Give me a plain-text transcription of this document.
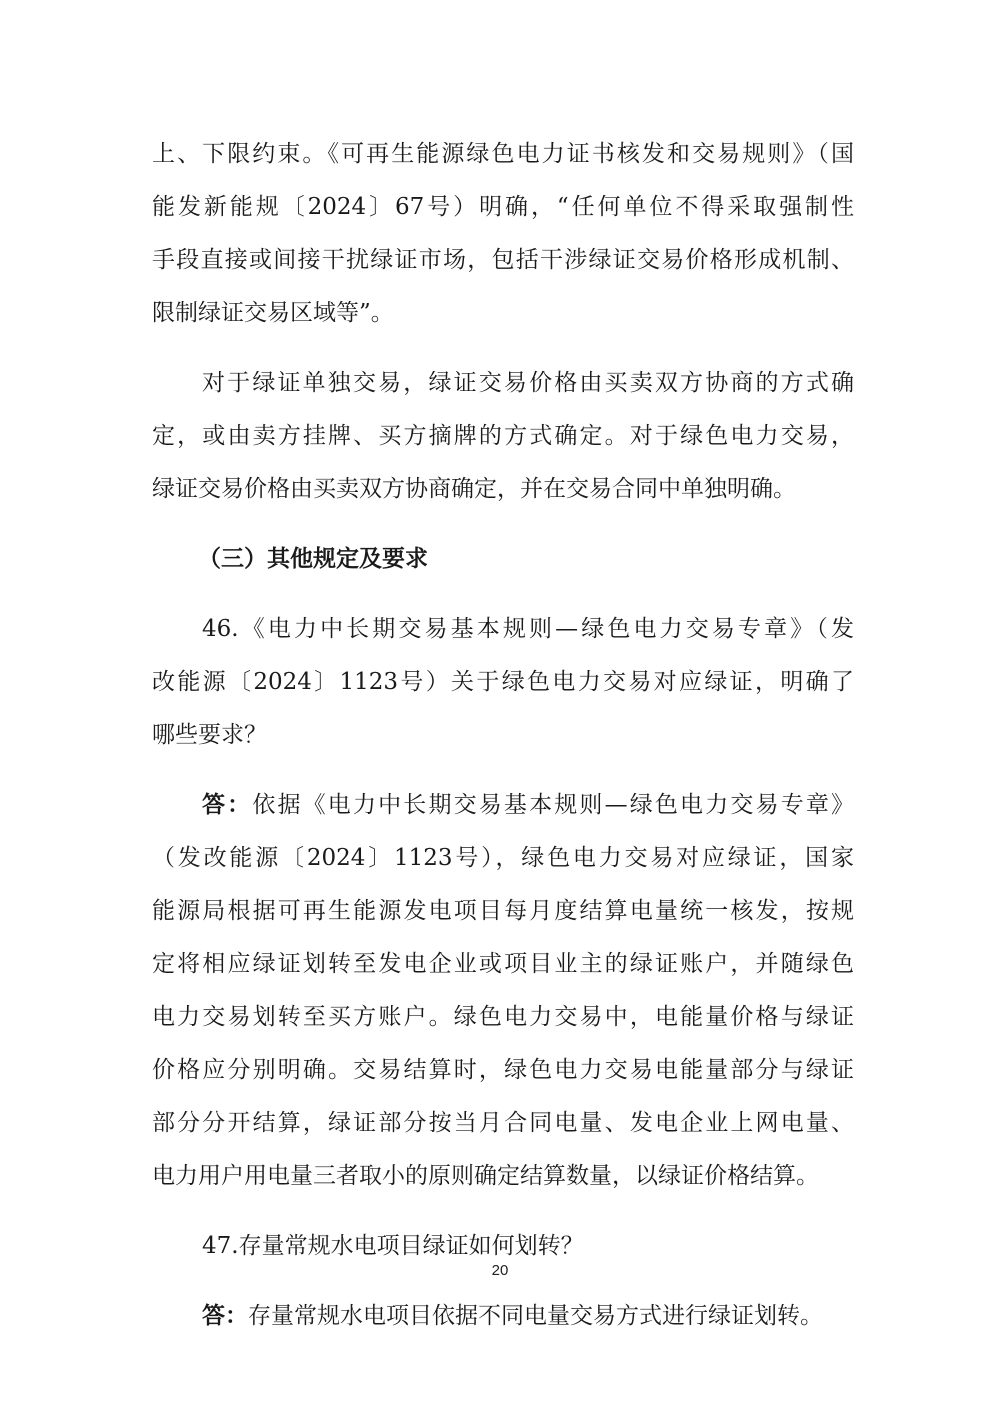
上、下限约束。《可再生能源绿色电力证书核发和交易规则》（国
能发新能规〔2024〕67号）明确，“任何单位不得采取强制性
手段直接或间接干扰绿证市场，包括干涉绿证交易价格形成机制、
限制绿证交易区域等”。
对于绿证单独交易，绿证交易价格由买卖双方协商的方式确
定，或由卖方挂牌、买方摘牌的方式确定。对于绿色电力交易，
绿证交易价格由买卖双方协商确定，并在交易合同中单独明确。
（三）其他规定及要求
46.《电力中长期交易基本规则—绿色电力交易专章》（发
改能源〔2024〕1123号）关于绿色电力交易对应绿证，明确了
哪些要求？
答：依据《电力中长期交易基本规则—绿色电力交易专章》
（发改能源〔2024〕1123号），绿色电力交易对应绿证，国家
能源局根据可再生能源发电项目每月度结算电量统一核发，按规
定将相应绿证划转至发电企业或项目业主的绿证账户，并随绿色
电力交易划转至买方账户。绿色电力交易中，电能量价格与绿证
价格应分别明确。交易结算时，绿色电力交易电能量部分与绿证
部分分开结算，绿证部分按当月合同电量、发电企业上网电量、
电力用户用电量三者取小的原则确定结算数量，以绿证价格结算。
47.存量常规水电项目绿证如何划转？
答：存量常规水电项目依据不同电量交易方式进行绿证划转。
20
